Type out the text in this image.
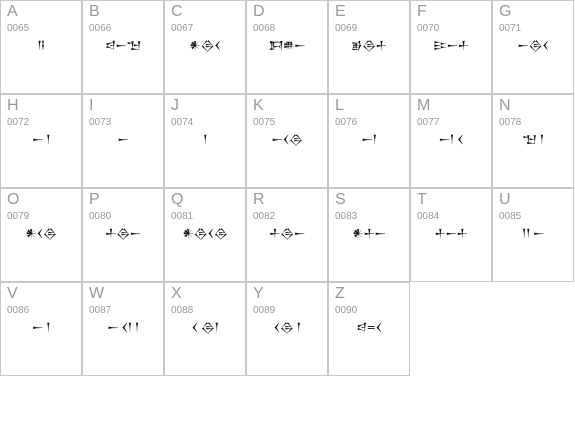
A
0065
𒀀
B
0066
𒁀𒀸𒈠
C
0067
𒀭𒁲𒌋
D
0068
𒁕𒌑𒀸
E
0069
𒂊𒁲𒈦
F
0070
𒄿𒀸𒈦
G
0071
𒀸𒁲𒌋
H
0072
𒀸 𒁹
I
0073
𒀸
J
0074
𒁹
K
0075
𒀸𒌋𒁲
L
0076
𒀸𒁹
M
0077
𒀸𒁹 𒌋
N
0078
𒈠 𒁹
O
0079
𒀭𒌋𒁲
P
0080
𒈦𒁲𒀸
Q
0081
𒀭𒁲𒌋𒁲
R
0082
𒈦𒁲𒀸
S
0083
𒀭𒈦𒀸
T
0084
𒈦𒀸𒈦
U
0085
𒁹𒁹 𒀸
V
0086
𒀸 𒁹
W
0087
𒀸 𒌋𒁹 𒁹
X
0088
𒌋 𒁲𒁹
Y
0089
𒌋𒁲 𒁹
Z
0090
𒁀=𒌋
